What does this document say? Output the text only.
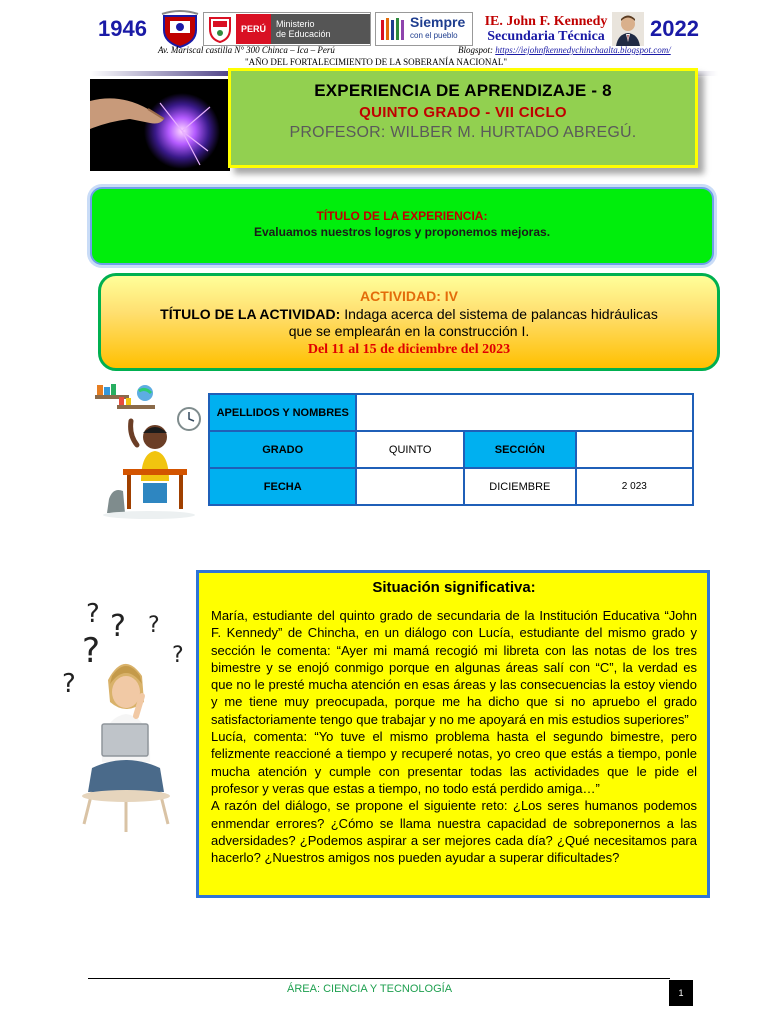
1946	PERÚ	Ministerio
de Educación
Siempre
con el pueblo
IE. John F. Kennedy
Secundaria Técnica	2022
Av. Mariscal castilla N° 300 Chinca – Ica – Perú	Blogspot: https://iejohnfkennedychinchaalta.blogspot.com/
"AÑO DEL FORTALECIMIENTO DE LA SOBERANÍA NACIONAL"
EXPERIENCIA DE APRENDIZAJE - 8
QUINTO GRADO - VII CICLO
PROFESOR: WILBER M. HURTADO ABREGÚ.
TÍTULO DE LA EXPERIENCIA:
Evaluamos nuestros logros y proponemos mejoras.
ACTIVIDAD: IV
TÍTULO DE LA ACTIVIDAD: Indaga acerca del sistema de palancas hidráulicas
que se emplearán en la construcción I.
Del 11 al 15 de diciembre del 2023
APELLIDOS Y NOMBRES			
GRADO	QUINTO	SECCIÓN	
FECHA		DICIEMBRE	2 023
? ? ?
?	?
?
Situación significativa:

María, estudiante del quinto grado de secundaria de la Institución Educativa “John F. Kennedy” de Chincha, en un diálogo con Lucía, estudiante del mismo grado y sección le comenta: “Ayer mi mamá recogió mi libreta con las notas de los tres bimestre y se enojó conmigo porque en algunas áreas salí con “C”, la verdad es que no le presté mucha atención en esas áreas y las consecuencias la estoy viendo y me tiene muy preocupada, porque me ha dicho que si no apruebo el grado satisfactoriamente tengo que trabajar y no me apoyará en mis estudios superiores”

Lucía, comenta: “Yo tuve el mismo problema hasta el segundo bimestre, pero felizmente reaccioné a tiempo y recuperé notas, yo creo que estás a tiempo, ponle mucha atención y cumple con presentar todas las actividades que le pide el profesor y veras que estas a tiempo, no todo está perdido amiga…”

A razón del diálogo, se propone el siguiente reto: ¿Los seres humanos podemos enmendar errores? ¿Cómo se llama nuestra capacidad de sobreponernos a las adversidades? ¿Podemos aspirar a ser mejores cada día? ¿Qué necesitamos para hacerlo? ¿Nuestros amigos nos pueden ayudar a superar dificultades?

ÁREA: CIENCIA Y TECNOLOGÍA	1
